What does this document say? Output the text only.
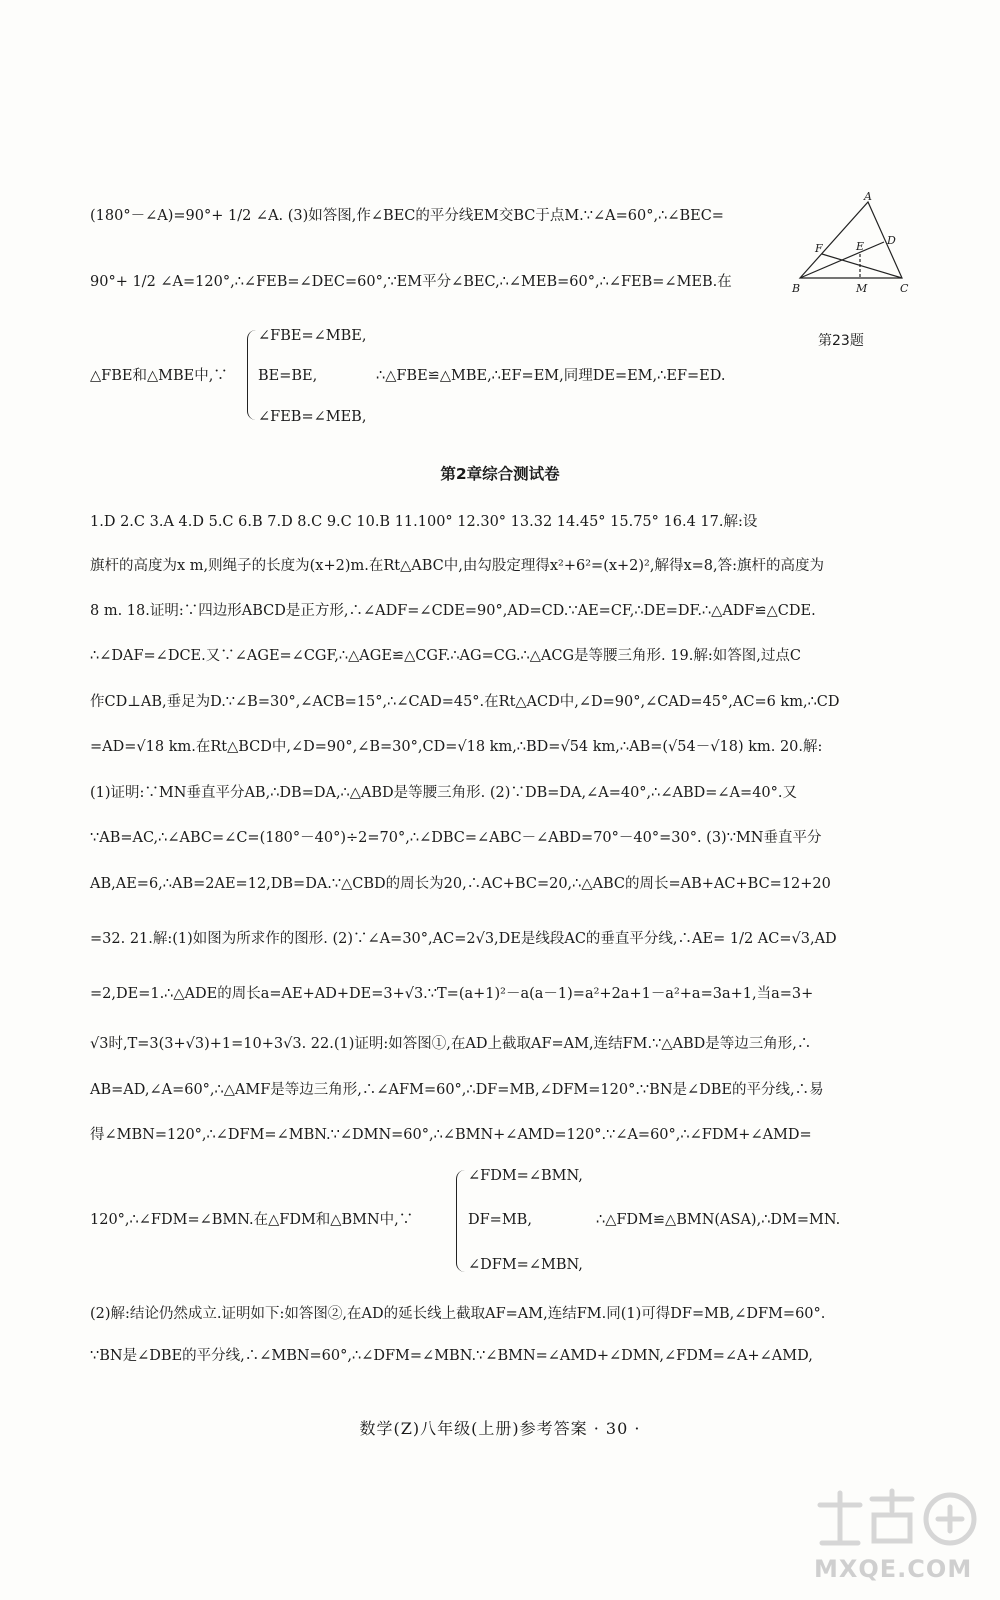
(180°－∠A)=90°+ 1/2 ∠A. (3)如答图,作∠BEC的平分线EM交BC于点M.∵∠A=60°,∴∠BEC=
90°+ 1/2 ∠A=120°,∴∠FEB=∠DEC=60°,∵EM平分∠BEC,∴∠MEB=60°,∴∠FEB=∠MEB.在
△FBE和△MBE中,∵
∠FBE=∠MBE,
BE=BE,
∠FEB=∠MEB,
∴△FBE≌△MBE,∴EF=EM,同理DE=EM,∴EF=ED.
A
B	C
D
E
F
M
第23题
第2章综合测试卷
1.D 2.C 3.A 4.D 5.C 6.B 7.D 8.C 9.C 10.B 11.100° 12.30° 13.32 14.45° 15.75° 16.4 17.解:设
旗杆的高度为x m,则绳子的长度为(x+2)m.在Rt△ABC中,由勾股定理得x²+6²=(x+2)²,解得x=8,答:旗杆的高度为
8 m. 18.证明:∵四边形ABCD是正方形,∴∠ADF=∠CDE=90°,AD=CD.∵AE=CF,∴DE=DF.∴△ADF≌△CDE.
∴∠DAF=∠DCE.又∵∠AGE=∠CGF,∴△AGE≌△CGF.∴AG=CG.∴△ACG是等腰三角形. 19.解:如答图,过点C
作CD⊥AB,垂足为D.∵∠B=30°,∠ACB=15°,∴∠CAD=45°.在Rt△ACD中,∠D=90°,∠CAD=45°,AC=6 km,∴CD
=AD=√18 km.在Rt△BCD中,∠D=90°,∠B=30°,CD=√18 km,∴BD=√54 km,∴AB=(√54－√18) km. 20.解:
(1)证明:∵MN垂直平分AB,∴DB=DA,∴△ABD是等腰三角形. (2)∵DB=DA,∠A=40°,∴∠ABD=∠A=40°.又
∵AB=AC,∴∠ABC=∠C=(180°－40°)÷2=70°,∴∠DBC=∠ABC－∠ABD=70°－40°=30°. (3)∵MN垂直平分
AB,AE=6,∴AB=2AE=12,DB=DA.∵△CBD的周长为20,∴AC+BC=20,∴△ABC的周长=AB+AC+BC=12+20
=32. 21.解:(1)如图为所求作的图形. (2)∵∠A=30°,AC=2√3,DE是线段AC的垂直平分线,∴AE= 1/2 AC=√3,AD
=2,DE=1.∴△ADE的周长a=AE+AD+DE=3+√3.∵T=(a+1)²－a(a－1)=a²+2a+1－a²+a=3a+1,当a=3+
√3时,T=3(3+√3)+1=10+3√3. 22.(1)证明:如答图①,在AD上截取AF=AM,连结FM.∵△ABD是等边三角形,∴
AB=AD,∠A=60°,∴△AMF是等边三角形,∴∠AFM=60°,∴DF=MB,∠DFM=120°.∵BN是∠DBE的平分线,∴易
得∠MBN=120°,∴∠DFM=∠MBN.∵∠DMN=60°,∴∠BMN+∠AMD=120°.∵∠A=60°,∴∠FDM+∠AMD=
120°,∴∠FDM=∠BMN.在△FDM和△BMN中,∵
∠FDM=∠BMN,
DF=MB,
∠DFM=∠MBN,
∴△FDM≌△BMN(ASA),∴DM=MN.
(2)解:结论仍然成立.证明如下:如答图②,在AD的延长线上截取AF=AM,连结FM.同(1)可得DF=MB,∠DFM=60°.
∵BN是∠DBE的平分线,∴∠MBN=60°,∴∠DFM=∠MBN.∵∠BMN=∠AMD+∠DMN,∠FDM=∠A+∠AMD,
数学(Z)八年级(上册)参考答案 · 30 ·
MXQE.COM
